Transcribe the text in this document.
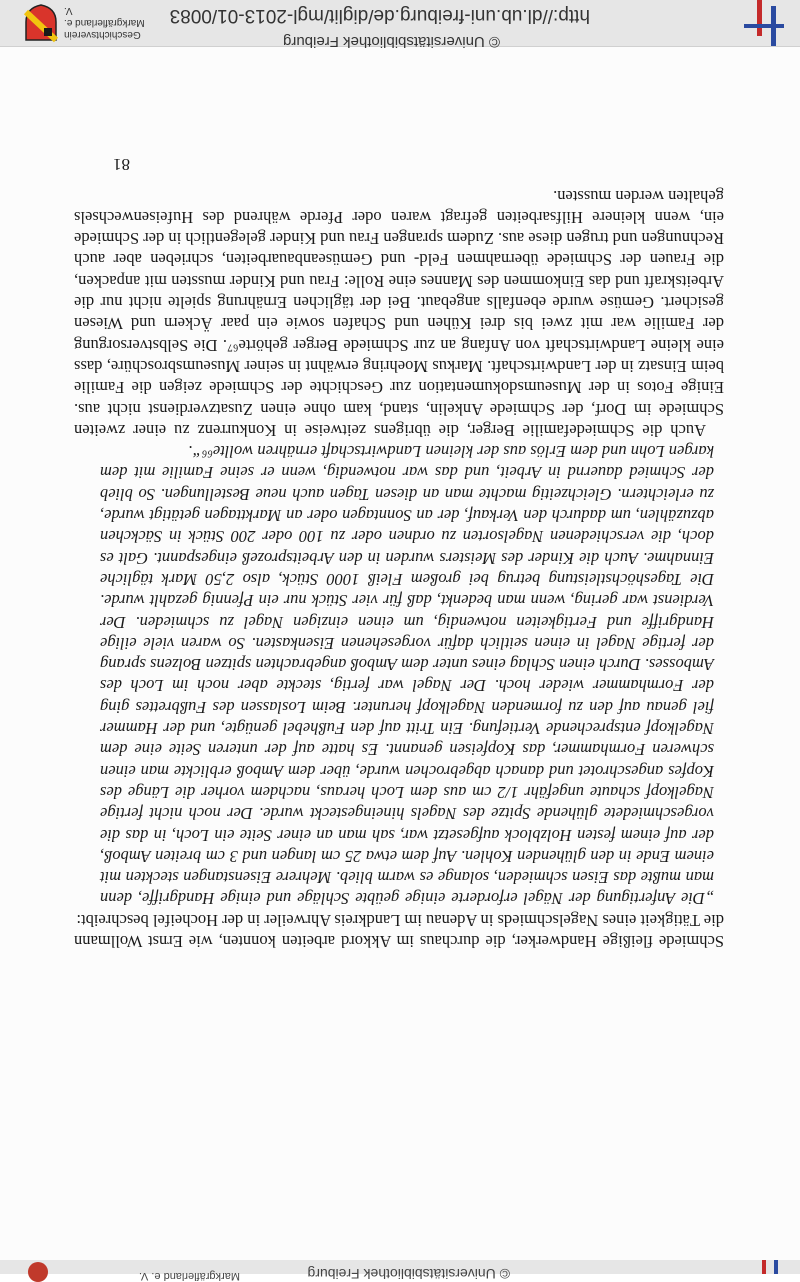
© Universitätsbibliothek Freiburg
Markgräflerland e. V.

Schmiede fleißige Handwerker, die durchaus im Akkord arbeiten konnten, wie Ernst Wollmann die Tätigkeit eines Nagelschmieds in Adenau im Landkreis Ahrweiler in der Hocheifel beschreibt:

„Die Anfertigung der Nägel erforderte einige geübte Schläge und einige Handgriffe, denn man mußte das Eisen schmieden, solange es warm blieb. Mehrere Eisenstangen steckten mit einem Ende in den glühenden Kohlen. Auf dem etwa 25 cm langen und 3 cm breiten Amboß, der auf einem festen Holzblock aufgesetzt war, sah man an einer Seite ein Loch, in das die vorgeschmiedete glühende Spitze des Nagels hineingesteckt wurde. Der noch nicht fertige Nagelkopf schaute ungefähr 1/2 cm aus dem Loch heraus, nachdem vorher die Länge des Kopfes angeschrotet und danach abgebrochen wurde, über dem Amboß erblickte man einen schweren Formhammer, das Kopfeisen genannt. Es hatte auf der unteren Seite eine dem Nagelkopf entsprechende Vertiefung. Ein Tritt auf den Fußhebel genügte, und der Hammer fiel genau auf den zu formenden Nagelkopf herunter. Beim Loslassen des Fußbrettes ging der Formhammer wieder hoch. Der Nagel war fertig, steckte aber noch im Loch des Ambosses. Durch einen Schlag eines unter dem Amboß angebrachten spitzen Bolzens sprang der fertige Nagel in einen seitlich dafür vorgesehenen Eisenkasten. So waren viele eilige Handgriffe und Fertigkeiten notwendig, um einen einzigen Nagel zu schmieden. Der Verdienst war gering, wenn man bedenkt, daß für vier Stück nur ein Pfennig gezahlt wurde. Die Tageshöchstleistung betrug bei großem Fleiß 1000 Stück, also 2,50 Mark tägliche Einnahme. Auch die Kinder des Meisters wurden in den Arbeitsprozeß eingespannt. Galt es doch, die verschiedenen Nagelsorten zu ordnen oder zu 100 oder 200 Stück in Säckchen abzuzählen, um dadurch den Verkauf, der an Sonntagen oder an Markttagen getätigt wurde, zu erleichtern. Gleichzeitig machte man an diesen Tagen auch neue Bestellungen. So blieb der Schmied dauernd in Arbeit, und das war notwendig, wenn er seine Familie mit dem kargen Lohn und dem Erlös aus der kleinen Landwirtschaft ernähren wollte⁶⁶“.

Auch die Schmiedefamilie Berger, die übrigens zeitweise in Konkurrenz zu einer zweiten Schmiede im Dorf, der Schmiede Ankelin, stand, kam ohne einen Zusatzverdienst nicht aus. Einige Fotos in der Museumsdokumentation zur Geschichte der Schmiede zeigen die Familie beim Einsatz in der Landwirtschaft. Markus Moehring erwähnt in seiner Museumsbroschüre, dass eine kleine Landwirtschaft von Anfang an zur Schmiede Berger gehörte⁶⁷. Die Selbstversorgung der Familie war mit zwei bis drei Kühen und Schafen sowie ein paar Äckern und Wiesen gesichert. Gemüse wurde ebenfalls angebaut. Bei der täglichen Ernährung spielte nicht nur die Arbeitskraft und das Einkommen des Mannes eine Rolle: Frau und Kinder mussten mit anpacken, die Frauen der Schmiede übernahmen Feld- und Gemüseanbauarbeiten, schrieben aber auch Rechnungen und trugen diese aus. Zudem sprangen Frau und Kinder gelegentlich in der Schmiede ein, wenn kleinere Hilfsarbeiten gefragt waren oder Pferde während des Hufeisenwechsels gehalten werden mussten.

81
http://dl.ub.uni-freiburg.de/diglit/mgl-2013-01/0083
© Universitätsbibliothek Freiburg
Geschichtsverein
Markgräflerland e. V.
